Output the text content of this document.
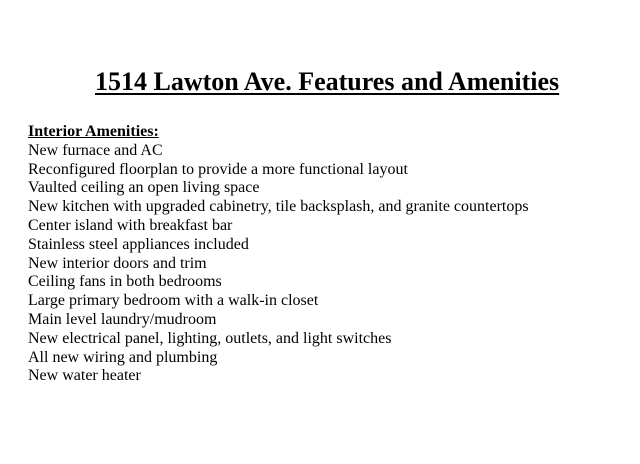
1514 Lawton Ave. Features and Amenities
Interior Amenities:
New furnace and AC
Reconfigured floorplan to provide a more functional layout
Vaulted ceiling an open living space
New kitchen with upgraded cabinetry, tile backsplash, and granite countertops
Center island with breakfast bar
Stainless steel appliances included
New interior doors and trim
Ceiling fans in both bedrooms
Large primary bedroom with a walk-in closet
Main level laundry/mudroom
New electrical panel, lighting, outlets, and light switches
All new wiring and plumbing
New water heater
